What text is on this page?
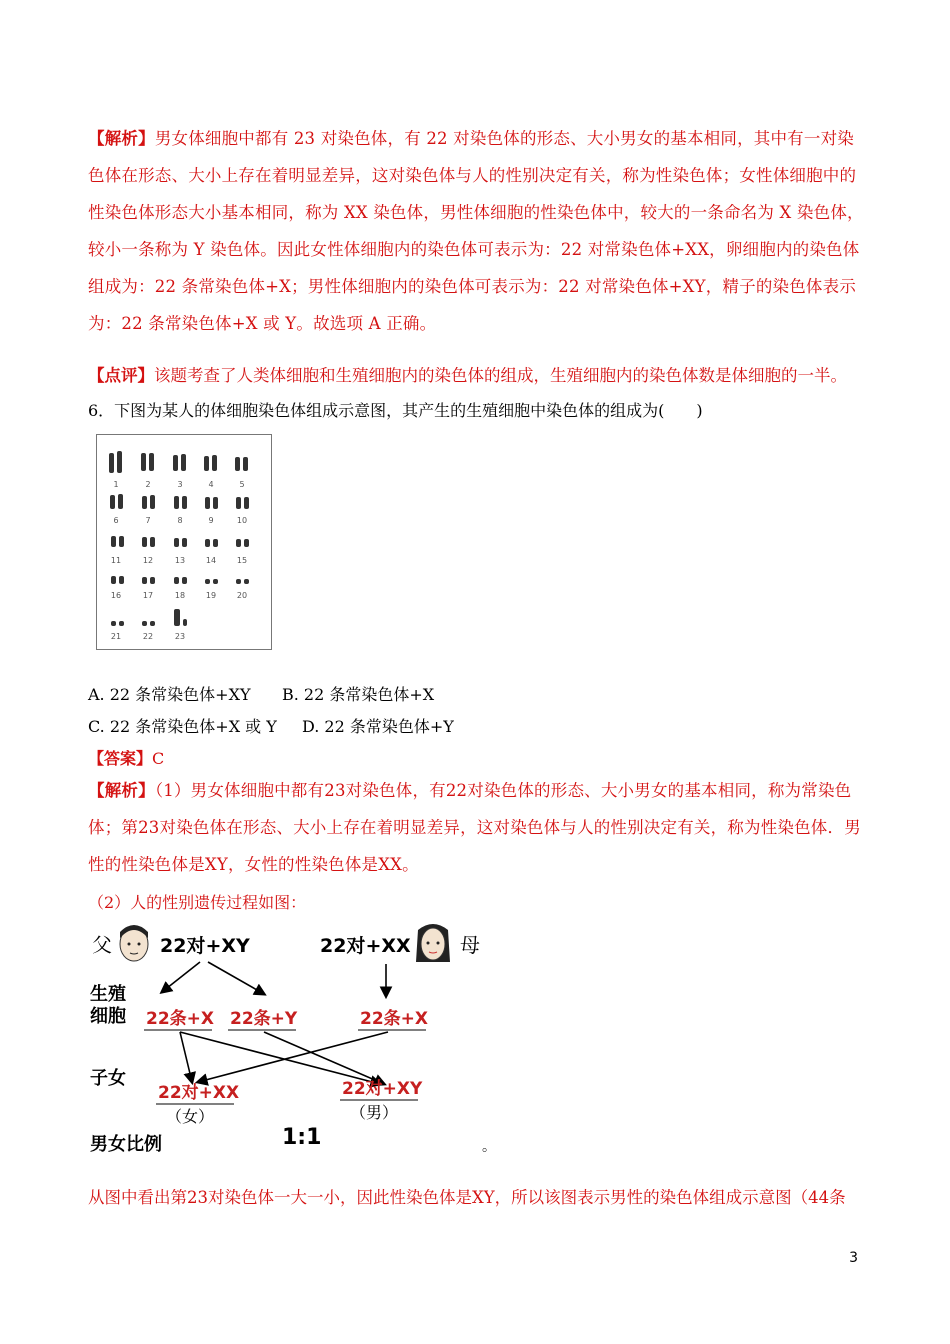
【解析】男女体细胞中都有 23 对染色体，有 22 对染色体的形态、大小男女的基本相同，其中有一对染色体在形态、大小上存在着明显差异，这对染色体与人的性别决定有关，称为性染色体；女性体细胞中的性染色体形态大小基本相同，称为 XX 染色体，男性体细胞的性染色体中，较大的一条命名为 X 染色体，较小一条称为 Y 染色体。因此女性体细胞内的染色体可表示为：22 对常染色体+XX，卵细胞内的染色体组成为：22 条常染色体+X；男性体细胞内的染色体可表示为：22 对常染色体+XY，精子的染色体表示为：22 条常染色体+X 或 Y。故选项 A 正确。
【点评】该题考查了人类体细胞和生殖细胞内的染色体的组成，生殖细胞内的染色体数是体细胞的一半。
6．下图为某人的体细胞染色体组成示意图，其产生的生殖细胞中染色体的组成为(　　)
1	2	3	4	5
6	7	8	9	10
11	12	13	14	15
16	17	18	19	20
21	22	23
A. 22 条常染色体+XY B. 22 条常染色体+X
C. 22 条常染色体+X 或 Y D. 22 条常染色体+Y
【答案】C
【解析】（1）男女体细胞中都有23对染色体，有22对染色体的形态、大小男女的基本相同，称为常染色体；第23对染色体在形态、大小上存在着明显差异，这对染色体与人的性别决定有关，称为性染色体．男性的性染色体是XY，女性的性染色体是XX。
（2）人的性别遗传过程如图：
父	22对+XY	22对+XX 母
生殖
细胞 22条+X 22条+Y	22条+X
子女
22对+XX
（女）
22对+XY
（男）
男女比例	1:1	。
从图中看出第23对染色体一大一小，因此性染色体是XY，所以该图表示男性的染色体组成示意图（44条
3
